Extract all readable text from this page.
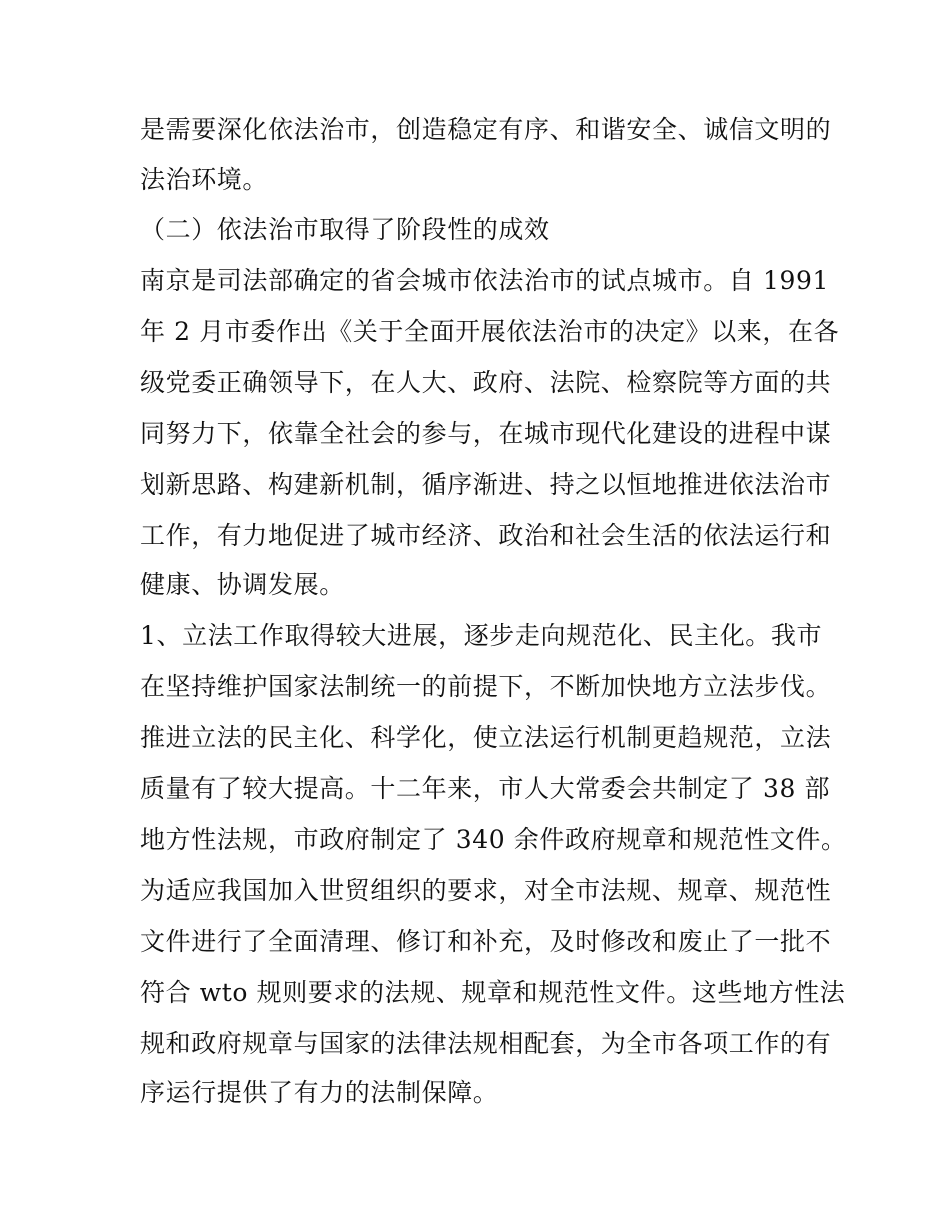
是需要深化依法治市，创造稳定有序、和谐安全、诚信文明的
法治环境。
（二）依法治市取得了阶段性的成效
南京是司法部确定的省会城市依法治市的试点城市。自 1991
年 2 月市委作出《关于全面开展依法治市的决定》以来，在各
级党委正确领导下，在人大、政府、法院、检察院等方面的共
同努力下，依靠全社会的参与，在城市现代化建设的进程中谋
划新思路、构建新机制，循序渐进、持之以恒地推进依法治市
工作，有力地促进了城市经济、政治和社会生活的依法运行和
健康、协调发展。
1、立法工作取得较大进展，逐步走向规范化、民主化。我市
在坚持维护国家法制统一的前提下，不断加快地方立法步伐。
推进立法的民主化、科学化，使立法运行机制更趋规范，立法
质量有了较大提高。十二年来，市人大常委会共制定了 38 部
地方性法规，市政府制定了 340 余件政府规章和规范性文件。
为适应我国加入世贸组织的要求，对全市法规、规章、规范性
文件进行了全面清理、修订和补充，及时修改和废止了一批不
符合 wto 规则要求的法规、规章和规范性文件。这些地方性法
规和政府规章与国家的法律法规相配套，为全市各项工作的有
序运行提供了有力的法制保障。
